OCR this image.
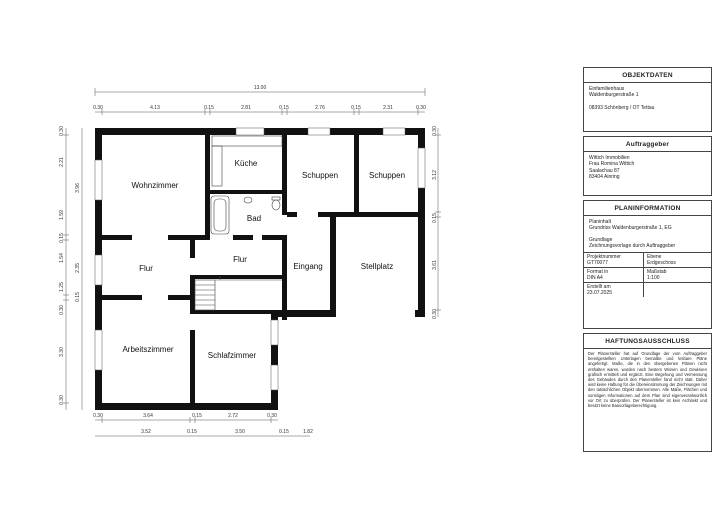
Wohnzimmer
Küche
Bad
Schuppen	Schuppen
Flur
Flur
Eingang	Stellplatz
Arbeitszimmer
Schlafzimmer
13.00
0.30	4.13	0.15	2.81	0.15	2.76	0.15	2.31	0.30
0.30	3.64	0.15	2.72	0.30
3.52	0.15	3.50	0.15	1.82
0.30
2.21
3.96
1.59
0.15
1.54
2.35
1.25
0.15
0.30
3.30
0.30
0.30
3.12
0.15
3.61
0.30
OBJEKTDATEN
Einfamilienhaus
Waldenburgerstraße 1
08393 Schönberg / OT Tettau
Auftraggeber
Wittich Immobilien
Frau Romina Wittich
Saalachau 87
83404 Ainring
PLANINFORMATION
Planinhalt
Grundriss Waldenburgerstraße 1, EG
Grundlage
Zeichnungsvorlage durch Auftraggeber
Projektnummer
GT70077
Ebene
Erdgeschoss
Format in
DIN A4
Maßstab
1:100
Erstellt am
23.07.2025
HAFTUNGSAUSSCHLUSS
Der Planersteller hat auf Grundlage der vom Auftraggeber bereitgestellten Unterlagen bemaßte und lesbare Pläne angefertigt. Maße, die in den übergebenen Plänen nicht enthalten waren, wurden nach bestem Wissen und Gewissen grafisch ermittelt und ergänzt. Eine Begehung und Vermessung des Gebäudes durch den Planersteller fand nicht statt. Daher wird keine Haftung für die Übereinstimmung der Zeichnungen mit den tatsächlichen Objekt übernommen. Alle Maße, Flächen und sonstigen Informationen auf dem Plan sind eigenverantwortlich vor Ort zu überprüfen. Der Planersteller ist kein Architekt und besitzt keine Bauvorlageberechtigung.
